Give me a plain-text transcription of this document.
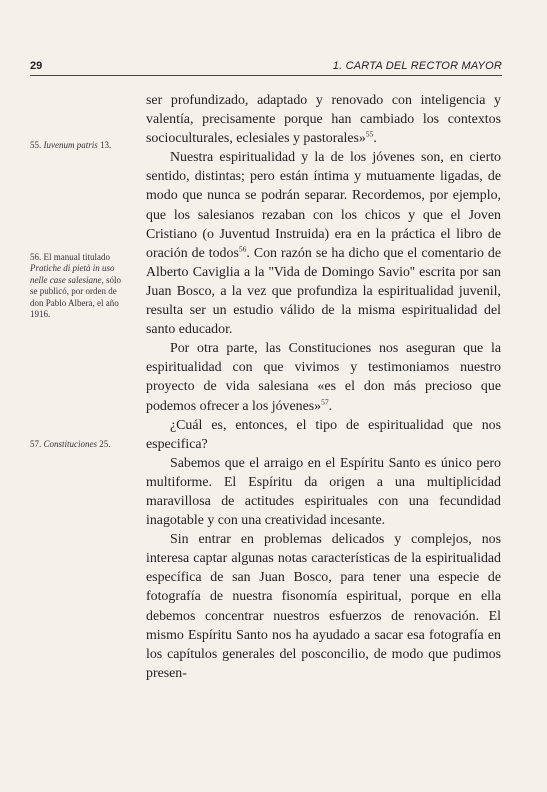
29	1. CARTA DEL RECTOR MAYOR
55. Iuvenum patris 13.
56. El manual titulado Pratiche di pietà in uso nelle case salesiane, sólo se publicó, por orden de don Pablo Albera, el año 1916.
57. Constituciones 25.

ser profundizado, adaptado y renovado con inteligencia y valentía, precisamente porque han cambiado los contextos socioculturales, eclesiales y pastorales»$^{55}$.

Nuestra espiritualidad y la de los jóvenes son, en cierto sentido, distintas; pero están íntima y mutuamente ligadas, de modo que nunca se podrán separar. Recordemos, por ejemplo, que los salesianos rezaban con los chicos y que el Joven Cristiano (o Juventud Instruida) era en la práctica el libro de oración de todos$^{56}$. Con razón se ha dicho que el comentario de Alberto Caviglia a la ''Vida de Domingo Savio'' escrita por san Juan Bosco, a la vez que profundiza la espiritualidad juvenil, resulta ser un estudio válido de la misma espiritualidad del santo educador.

Por otra parte, las Constituciones nos aseguran que la espiritualidad con que vivimos y testimoniamos nuestro proyecto de vida salesiana «es el don más precioso que podemos ofrecer a los jóvenes»$^{57}$.

¿Cuál es, entonces, el tipo de espiritualidad que nos especifica?

Sabemos que el arraigo en el Espíritu Santo es único pero multiforme. El Espíritu da origen a una multiplicidad maravillosa de actitudes espirituales con una fecundidad inagotable y con una creatividad incesante.

Sin entrar en problemas delicados y complejos, nos interesa captar algunas notas características de la espiritualidad específica de san Juan Bosco, para tener una especie de fotografía de nuestra fisonomía espiritual, porque en ella debemos concentrar nuestros esfuerzos de renovación. El mismo Espíritu Santo nos ha ayudado a sacar esa fotografía en los capítulos generales del posconcilio, de modo que pudimos presen-
